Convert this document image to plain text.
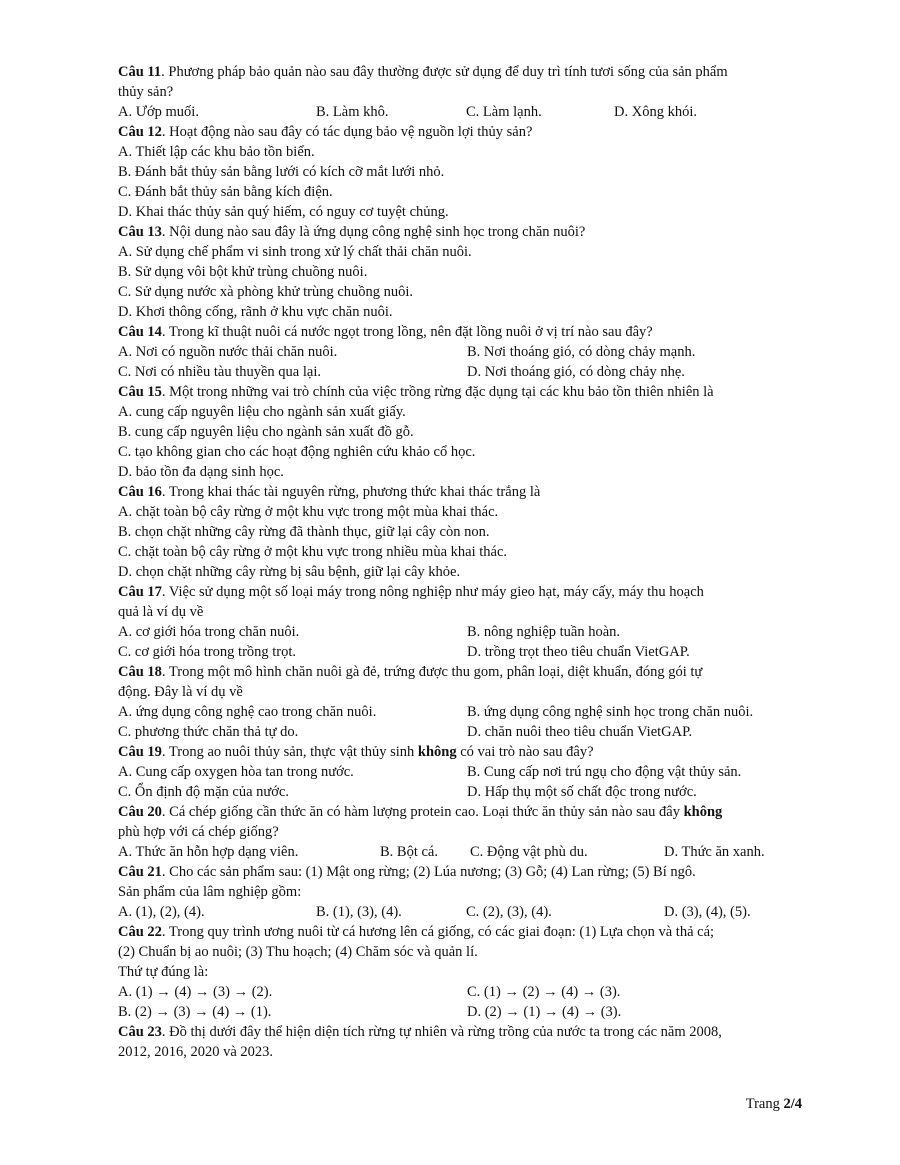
Câu 11. Phương pháp bảo quản nào sau đây thường được sử dụng để duy trì tính tươi sống của sản phẩm
thủy sản?
A. Ướp muối.	B. Làm khô.	C. Làm lạnh.	D. Xông khói.
Câu 12. Hoạt động nào sau đây có tác dụng bảo vệ nguồn lợi thủy sản?
A. Thiết lập các khu bảo tồn biển.
B. Đánh bắt thủy sản bằng lưới có kích cỡ mắt lưới nhỏ.
C. Đánh bắt thủy sản bằng kích điện.
D. Khai thác thủy sản quý hiếm, có nguy cơ tuyệt chủng.
Câu 13. Nội dung nào sau đây là ứng dụng công nghệ sinh học trong chăn nuôi?
A. Sử dụng chế phẩm vi sinh trong xử lý chất thải chăn nuôi.
B. Sử dụng vôi bột khử trùng chuồng nuôi.
C. Sử dụng nước xà phòng khử trùng chuồng nuôi.
D. Khơi thông cống, rãnh ở khu vực chăn nuôi.
Câu 14. Trong kĩ thuật nuôi cá nước ngọt trong lồng, nên đặt lồng nuôi ở vị trí nào sau đây?
A. Nơi có nguồn nước thải chăn nuôi.	B. Nơi thoáng gió, có dòng chảy mạnh.
C. Nơi có nhiều tàu thuyền qua lại.	D. Nơi thoáng gió, có dòng chảy nhẹ.
Câu 15. Một trong những vai trò chính của việc trồng rừng đặc dụng tại các khu bảo tồn thiên nhiên là
A. cung cấp nguyên liệu cho ngành sản xuất giấy.
B. cung cấp nguyên liệu cho ngành sản xuất đồ gỗ.
C. tạo không gian cho các hoạt động nghiên cứu khảo cổ học.
D. bảo tồn đa dạng sinh học.
Câu 16. Trong khai thác tài nguyên rừng, phương thức khai thác trắng là
A. chặt toàn bộ cây rừng ở một khu vực trong một mùa khai thác.
B. chọn chặt những cây rừng đã thành thục, giữ lại cây còn non.
C. chặt toàn bộ cây rừng ở một khu vực trong nhiều mùa khai thác.
D. chọn chặt những cây rừng bị sâu bệnh, giữ lại cây khỏe.
Câu 17. Việc sử dụng một số loại máy trong nông nghiệp như máy gieo hạt, máy cấy, máy thu hoạch
quả là ví dụ về
A. cơ giới hóa trong chăn nuôi.	B. nông nghiệp tuần hoàn.
C. cơ giới hóa trong trồng trọt.	D. trồng trọt theo tiêu chuẩn VietGAP.
Câu 18. Trong một mô hình chăn nuôi gà đẻ, trứng được thu gom, phân loại, diệt khuẩn, đóng gói tự
động. Đây là ví dụ về
A. ứng dụng công nghệ cao trong chăn nuôi.	B. ứng dụng công nghệ sinh học trong chăn nuôi.
C. phương thức chăn thả tự do.	D. chăn nuôi theo tiêu chuẩn VietGAP.
Câu 19. Trong ao nuôi thủy sản, thực vật thủy sinh không có vai trò nào sau đây?
A. Cung cấp oxygen hòa tan trong nước.	B. Cung cấp nơi trú ngụ cho động vật thủy sản.
C. Ổn định độ mặn của nước.	D. Hấp thụ một số chất độc trong nước.
Câu 20. Cá chép giống cần thức ăn có hàm lượng protein cao. Loại thức ăn thủy sản nào sau đây không
phù hợp với cá chép giống?
A. Thức ăn hỗn hợp dạng viên.	B. Bột cá.	C. Động vật phù du.	D. Thức ăn xanh.
Câu 21. Cho các sản phẩm sau: (1) Mật ong rừng; (2) Lúa nương; (3) Gỗ; (4) Lan rừng; (5) Bí ngô.
Sản phẩm của lâm nghiệp gồm:
A. (1), (2), (4).	B. (1), (3), (4).	C. (2), (3), (4).	D. (3), (4), (5).
Câu 22. Trong quy trình ương nuôi từ cá hương lên cá giống, có các giai đoạn: (1) Lựa chọn và thả cá;
(2) Chuẩn bị ao nuôi; (3) Thu hoạch; (4) Chăm sóc và quản lí.
Thứ tự đúng là:
A. (1) → (4) → (3) → (2).	C. (1) → (2) → (4) → (3).
B. (2) → (3) → (4) → (1).	D. (2) → (1) → (4) → (3).
Câu 23. Đồ thị dưới đây thể hiện diện tích rừng tự nhiên và rừng trồng của nước ta trong các năm 2008,
2012, 2016, 2020 và 2023.
Trang 2/4
